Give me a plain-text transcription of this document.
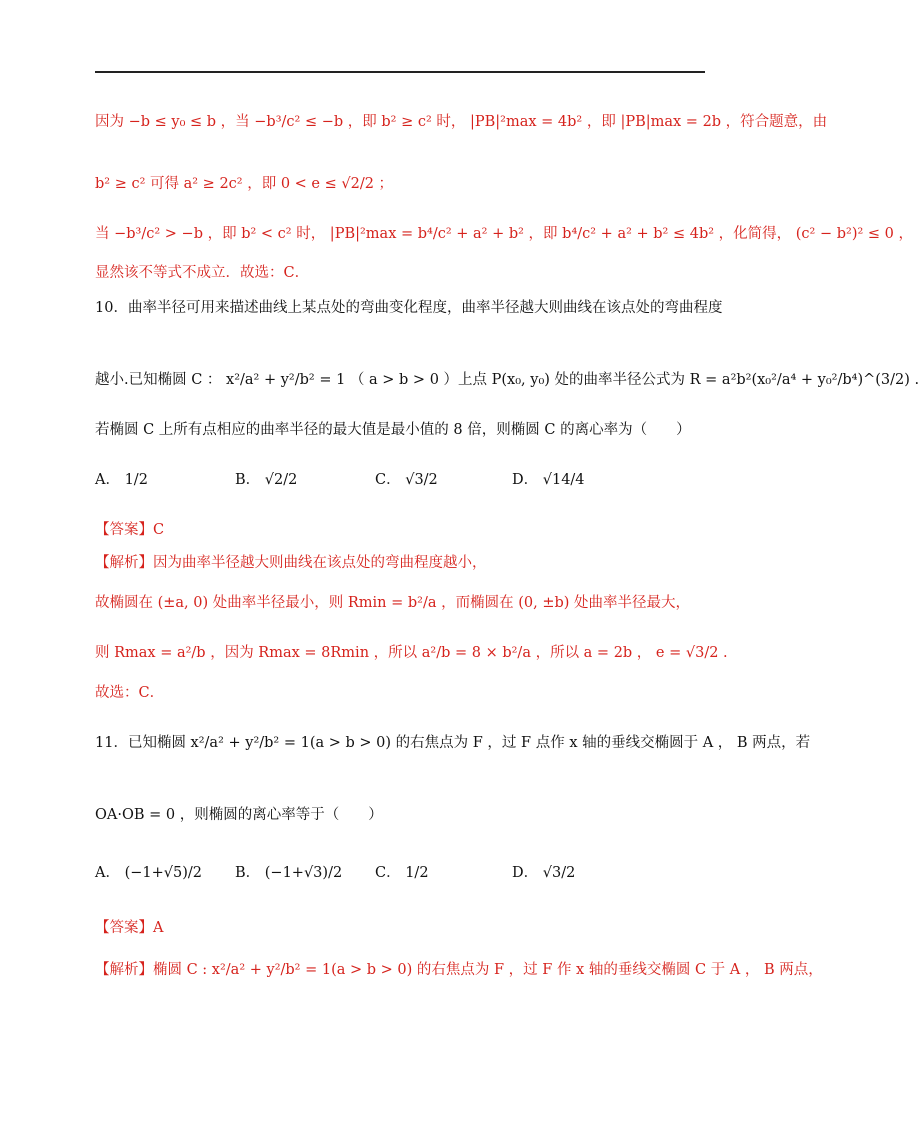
因为 −b ≤ y₀ ≤ b ，当 −b³/c² ≤ −b ，即 b² ≥ c² 时， |PB|²max = 4b² ，即 |PB|max = 2b ，符合题意，由
b² ≥ c² 可得 a² ≥ 2c² ，即 0 < e ≤ √2/2 ；
当 −b³/c² > −b ，即 b² < c² 时， |PB|²max = b⁴/c² + a² + b² ，即 b⁴/c² + a² + b² ≤ 4b² ，化简得， (c² − b²)² ≤ 0 ，
显然该不等式不成立．故选：C．
10．曲率半径可用来描述曲线上某点处的弯曲变化程度，曲率半径越大则曲线在该点处的弯曲程度
越小.已知椭圆 C ： x²/a² + y²/b² = 1 （ a > b > 0 ）上点 P(x₀, y₀) 处的曲率半径公式为 R = a²b²(x₀²/a⁴ + y₀²/b⁴)^(3/2) .
若椭圆 C 上所有点相应的曲率半径的最大值是最小值的 8 倍，则椭圆 C 的离心率为（　　）
A． 1/2	B． √2/2	C． √3/2	D． √14/4
【答案】C
【解析】因为曲率半径越大则曲线在该点处的弯曲程度越小，
故椭圆在 (±a, 0) 处曲率半径最小，则 Rmin = b²/a ，而椭圆在 (0, ±b) 处曲率半径最大，
则 Rmax = a²/b ，因为 Rmax = 8Rmin ，所以 a²/b = 8 × b²/a ，所以 a = 2b ， e = √3/2 .
故选：C．
11．已知椭圆 x²/a² + y²/b² = 1(a > b > 0) 的右焦点为 F ，过 F 点作 x 轴的垂线交椭圆于 A ， B 两点，若
OA·OB = 0 ，则椭圆的离心率等于（　　）
A． (−1+√5)/2 B． (−1+√3)/2 C． 1/2	D． √3/2
【答案】A
【解析】椭圆 C : x²/a² + y²/b² = 1(a > b > 0) 的右焦点为 F ，过 F 作 x 轴的垂线交椭圆 C 于 A ， B 两点，
